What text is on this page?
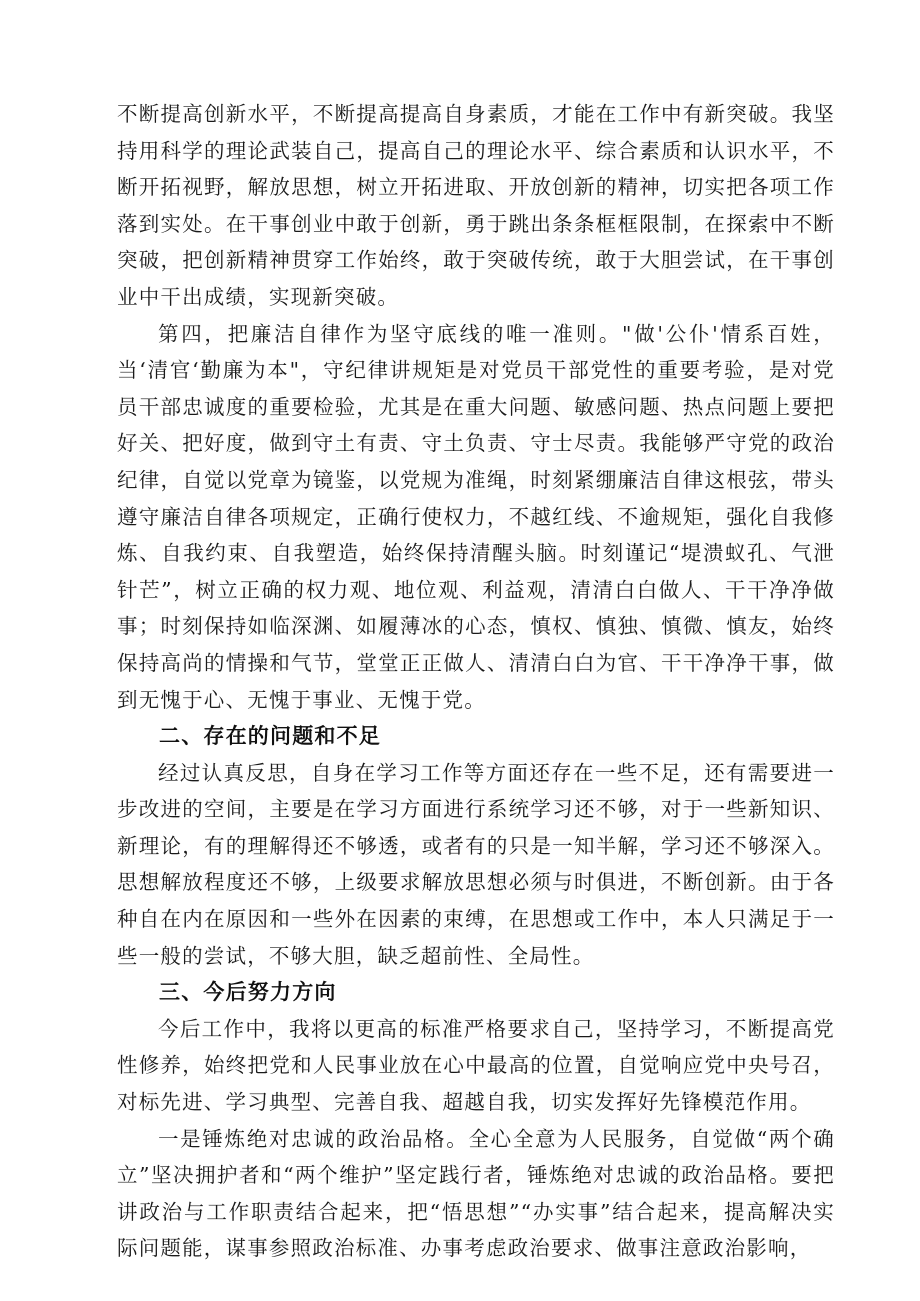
不断提高创新水平，不断提高提高自身素质，才能在工作中有新突破。我坚持用科学的理论武装自己，提高自己的理论水平、综合素质和认识水平，不断开拓视野，解放思想，树立开拓进取、开放创新的精神，切实把各项工作落到实处。在干事创业中敢于创新，勇于跳出条条框框限制，在探索中不断突破，把创新精神贯穿工作始终，敢于突破传统，敢于大胆尝试，在干事创业中干出成绩，实现新突破。

第四，把廉洁自律作为坚守底线的唯一准则。"做'公仆'情系百姓，当‘清官‘勤廉为本"，守纪律讲规矩是对党员干部党性的重要考验，是对党员干部忠诚度的重要检验，尤其是在重大问题、敏感问题、热点问题上要把好关、把好度，做到守土有责、守土负责、守士尽责。我能够严守党的政治纪律，自觉以党章为镜鉴，以党规为准绳，时刻紧绷廉洁自律这根弦，带头遵守廉洁自律各项规定，正确行使权力，不越红线、不逾规矩，强化自我修炼、自我约束、自我塑造，始终保持清醒头脑。时刻谨记“堤溃蚁孔、气泄针芒”，树立正确的权力观、地位观、利益观，清清白白做人、干干净净做事；时刻保持如临深渊、如履薄冰的心态，慎权、慎独、慎微、慎友，始终保持高尚的情操和气节，堂堂正正做人、清清白白为官、干干净净干事，做到无愧于心、无愧于事业、无愧于党。

二、存在的问题和不足

经过认真反思，自身在学习工作等方面还存在一些不足，还有需要进一步改进的空间，主要是在学习方面进行系统学习还不够，对于一些新知识、新理论，有的理解得还不够透，或者有的只是一知半解，学习还不够深入。思想解放程度还不够，上级要求解放思想必须与时俱进，不断创新。由于各种自在内在原因和一些外在因素的束缚，在思想或工作中，本人只满足于一些一般的尝试，不够大胆，缺乏超前性、全局性。

三、今后努力方向

今后工作中，我将以更高的标准严格要求自己，坚持学习，不断提高党性修养，始终把党和人民事业放在心中最高的位置，自觉响应党中央号召，对标先进、学习典型、完善自我、超越自我，切实发挥好先锋模范作用。

一是锤炼绝对忠诚的政治品格。全心全意为人民服务，自觉做“两个确立”坚决拥护者和“两个维护”坚定践行者，锤炼绝对忠诚的政治品格。要把讲政治与工作职责结合起来，把“悟思想”“办实事”结合起来，提高解决实际问题能，谋事参照政治标准、办事考虑政治要求、做事注意政治影响，
